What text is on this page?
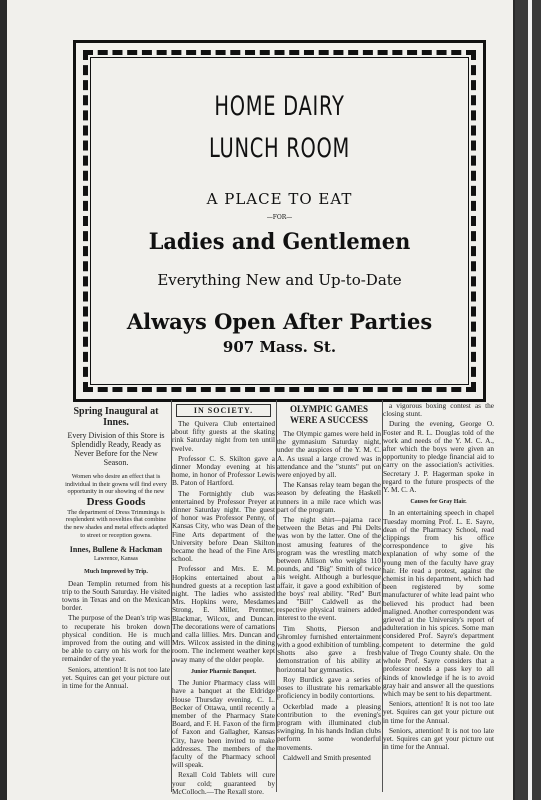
HOME DAIRY
LUNCH ROOM
A PLACE TO EAT
—FOR—
Ladies and Gentlemen
Everything New and Up-to-Date
Always Open After Parties
907 Mass. St.
Spring Inaugural at Innes.
Every Division of this Store is Splendidly Ready, Ready as Never Before for the New Season.
Women who desire an effect that is individual in their gowns will find every opportunity in our showing of the new
Dress Goods
The department of Dress Trimmings is resplendent with novelties that combine the new shades and metal effects adapted to street or reception gowns.
Innes, Bullene & Hackman
Lawrence, Kansas
Much Improved by Trip.

Dean Templin returned from his trip to the South Saturday. He visited towns in Texas and on the Mexican border.

The purpose of the Dean's trip was to recuperate his broken down physical condition. He is much improved from the outing and will be able to carry on his work for the remainder of the year.

Seniors, attention! It is not too late yet. Squires can get your picture out in time for the Annual.

IN SOCIETY.

The Quivera Club entertained about fifty guests at the skating rink Saturday night from ten until twelve.

Professor C. S. Skilton gave a dinner Monday evening at his home, in honor of Professor Lewis B. Paton of Hartford.

The Fortnightly club was entertained by Professor Preyer at dinner Saturday night. The guest of honor was Professor Penny, of Kansas City, who was Dean of the Fine Arts department of the University before Dean Skilton became the head of the Fine Arts school.

Professor and Mrs. E. M. Hopkins entertained about a hundred guests at a reception last night. The ladies who assisted Mrs. Hopkins were, Mesdames Strong, E. Miller, Prentner, Blackmar, Wilcox, and Duncan. The decorations were of carnations and calla lillies. Mrs. Duncan and Mrs. Wilcox assisted in the dining room. The inclement weather kept away many of the older people.

Junior Pharmic Banquet.

The Junior Pharmacy class will have a banquet at the Eldridge House Thursday evening. C. L. Becker of Ottawa, until recently a member of the Pharmacy State Board, and F. H. Faxon of the firm of Faxon and Gallagher, Kansas City, have been invited to make addresses. The members of the faculty of the Pharmacy school will speak.

Rexall Cold Tablets will cure your cold; guaranteed by McColloch.—The Rexall store.

OLYMPIC GAMES WERE A SUCCESS

The Olympic games were held in the gymnasium Saturday night, under the auspices of the Y. M. C. A. As usual a large crowd was in attendance and the "stunts" put on were enjoyed by all.

The Kansas relay team began the season by defeating the Haskell runners in a mile race which was part of the program.

The night shirt—pajama race between the Betas and Phi Delts was won by the latter. One of the most amusing features of the program was the wrestling match between Allison who weighs 110 pounds, and "Big" Smith of twice his weight. Although a burlesque affair, it gave a good exhibition of the boys' real ability. "Red" Burt and "Bill" Caldwell as the respective physical trainers added interest to the event.

Tim Shotts, Pierson and Ghromley furnished entertainment with a good exhibition of tumbling. Shotts also gave a fresh demonstration of his ability at horizontal bar gymnastics.

Roy Burdick gave a series of poses to illustrate his remarkable proficiency in bodily contortions.

Ockerblad made a pleasing contribution to the evening's program with illuminated club swinging. In his hands Indian clubs perform some wonderful movements.

Caldwell and Smith presented

a vigorous boxing contest as the closing stunt.

During the evening, George O. Foster and R. L. Douglas told of the work and needs of the Y. M. C. A., after which the boys were given an opportunity to pledge financial aid to carry on the association's activities. Secretary J. P. Hagerman spoke in regard to the future prospects of the Y. M. C. A.

Causes for Gray Hair.

In an entertaining speech in chapel Tuesday morning Prof. L. E. Sayre, dean of the Pharmacy School, read clippings from his office correspondence to give his explanation of why some of the young men of the faculty have gray hair. He read a protest, against the chemist in his department, which had been registered by some manufacturer of white lead paint who believed his product had been maligned. Another correspondent was grieved at the University's report of adulteration in his spices. Some man considered Prof. Sayre's department competent to determine the gold value of Trego County shale. On the whole Prof. Sayre considers that a professor needs a pass key to all kinds of knowledge if he is to avoid gray hair and answer all the questions which may be sent to his department.

Seniors, attention! It is not too late yet. Squires can get your picture out in time for the Annual.

Seniors, attention! It is not too late yet. Squires can get your picture out in time for the Annual.
